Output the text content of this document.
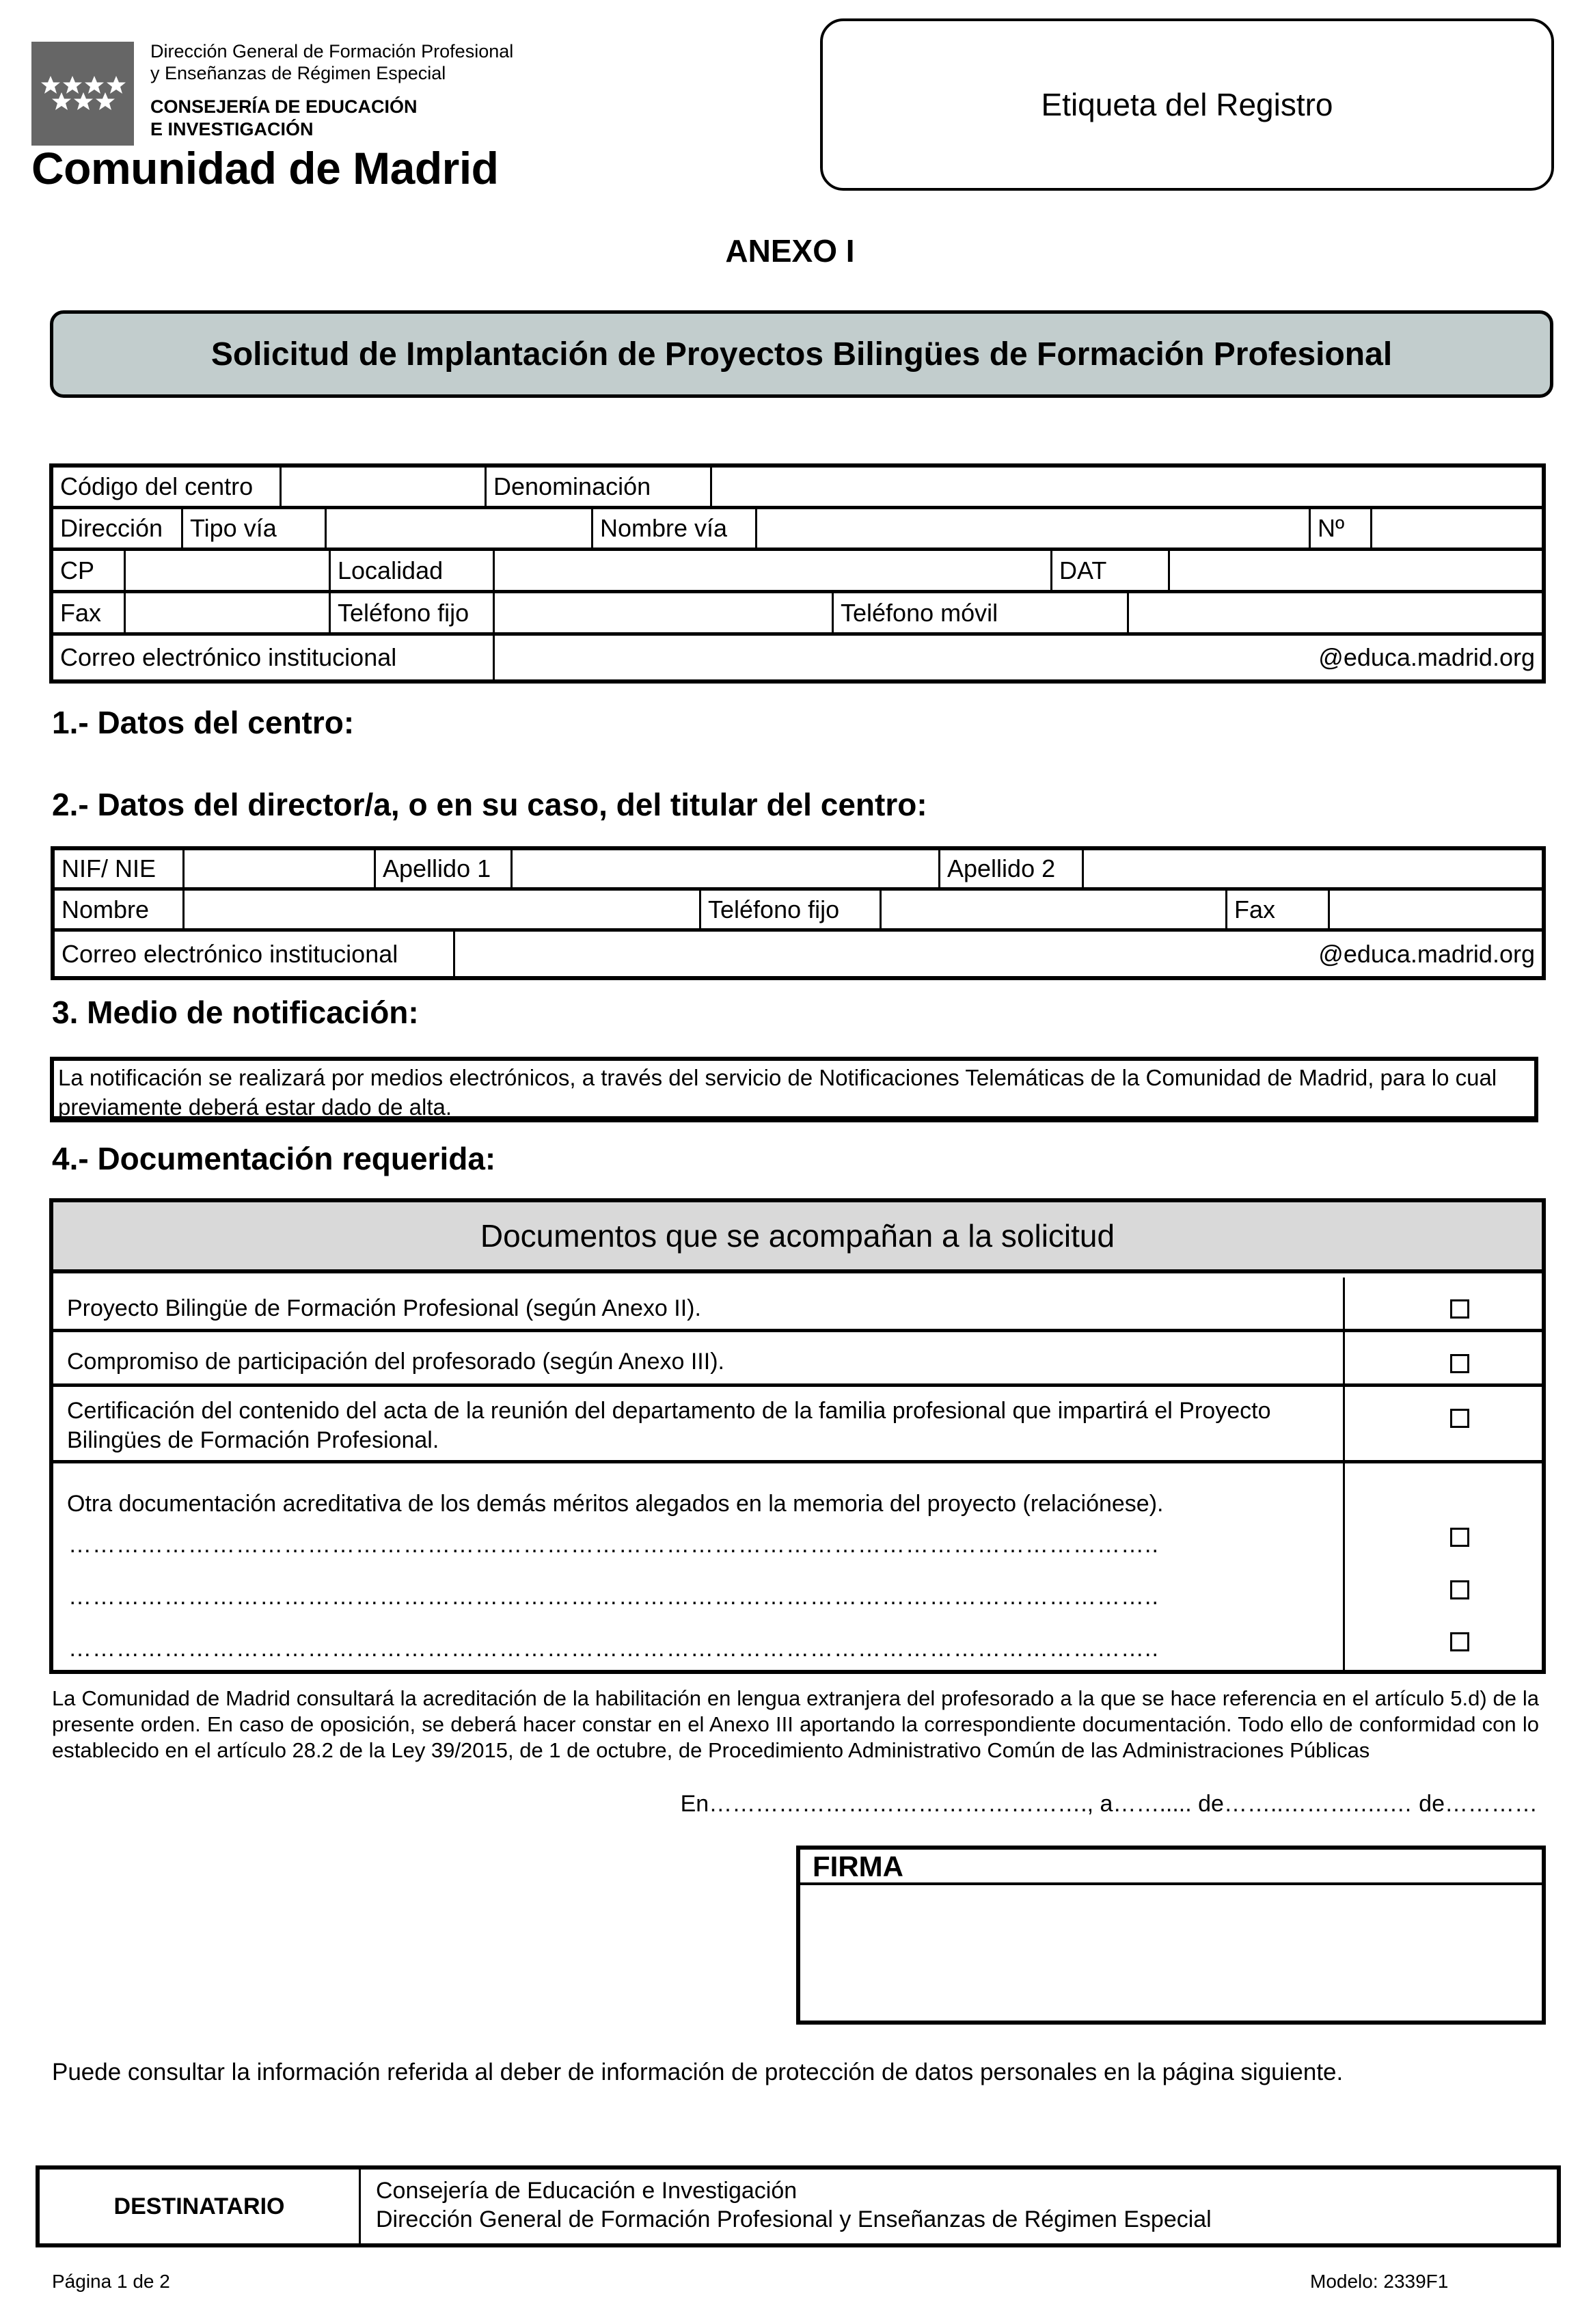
Dirección General de Formación Profesional
y Enseñanzas de Régimen Especial
CONSEJERÍA DE EDUCACIÓN
E INVESTIGACIÓN
Comunidad de Madrid
Etiqueta del Registro
ANEXO I
Solicitud de Implantación de Proyectos Bilingües de Formación Profesional
Código del centro	Denominación
Dirección	Tipo vía	Nombre vía	Nº
CP	Localidad	DAT
Fax	Teléfono fijo	Teléfono móvil
Correo electrónico institucional	@educa.madrid.org
1.- Datos del centro:
2.- Datos del director/a, o en su caso, del titular del centro:
NIF/ NIE	Apellido 1	Apellido 2
Nombre	Teléfono fijo	Fax
Correo electrónico institucional	@educa.madrid.org
3. Medio de notificación:
La notificación se realizará por medios electrónicos, a través del servicio de Notificaciones Telemáticas de la Comunidad de Madrid, para lo cual previamente deberá estar dado de alta.
4.- Documentación requerida:
Documentos que se acompañan a la solicitud
Proyecto Bilingüe de Formación Profesional (según Anexo II).
Compromiso de participación del profesorado (según Anexo III).
Certificación del contenido del acta de la reunión del departamento de la familia profesional que impartirá el Proyecto Bilingües de Formación Profesional.
Otra documentación acreditativa de los demás méritos alegados en la memoria del proyecto (relaciónese).
………………………………………………………………………………………………………………………..
………………………………………………………………………………………………………………………..
………………………………………………………………………………………………………………………..
La Comunidad de Madrid consultará la acreditación de la habilitación en lengua extranjera del profesorado a la que se hace referencia en el artículo 5.d) de la presente orden. En caso de oposición, se deberá hacer constar en el Anexo III aportando la correspondiente documentación. Todo ello de conformidad con lo establecido en el artículo 28.2 de la Ley 39/2015, de 1 de octubre, de Procedimiento Administrativo Común de las Administraciones Públicas
En…………………………………………., a……..... de……..……….….… de…………
FIRMA
Puede consultar la información referida al deber de información de protección de datos personales en la página siguiente.
DESTINATARIO
Consejería de Educación e Investigación
Dirección General de Formación Profesional y Enseñanzas de Régimen Especial
Página 1 de 2	Modelo: 2339F1
